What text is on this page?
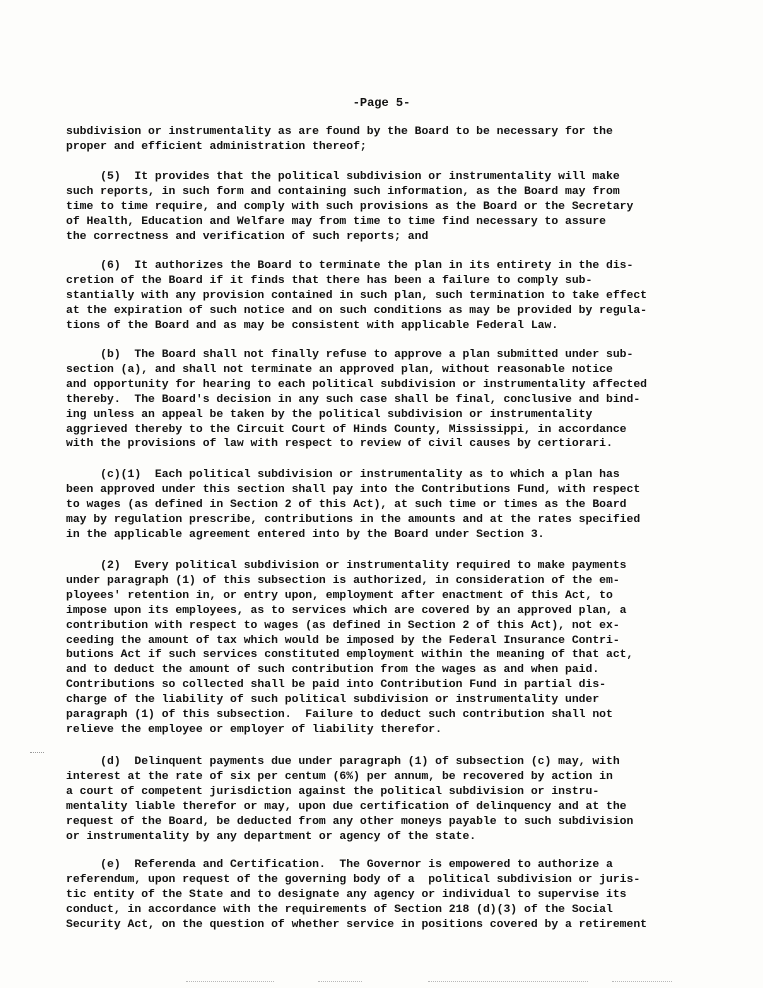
-Page 5-
subdivision or instrumentality as are found by the Board to be necessary for the
proper and efficient administration thereof;
(5)  It provides that the political subdivision or instrumentality will make
such reports, in such form and containing such information, as the Board may from
time to time require, and comply with such provisions as the Board or the Secretary
of Health, Education and Welfare may from time to time find necessary to assure
the correctness and verification of such reports; and
(6)  It authorizes the Board to terminate the plan in its entirety in the dis-
cretion of the Board if it finds that there has been a failure to comply sub-
stantially with any provision contained in such plan, such termination to take effect
at the expiration of such notice and on such conditions as may be provided by regula-
tions of the Board and as may be consistent with applicable Federal Law.
(b)  The Board shall not finally refuse to approve a plan submitted under sub-
section (a), and shall not terminate an approved plan, without reasonable notice
and opportunity for hearing to each political subdivision or instrumentality affected
thereby.  The Board's decision in any such case shall be final, conclusive and bind-
ing unless an appeal be taken by the political subdivision or instrumentality
aggrieved thereby to the Circuit Court of Hinds County, Mississippi, in accordance
with the provisions of law with respect to review of civil causes by certiorari.
(c)(1)  Each political subdivision or instrumentality as to which a plan has
been approved under this section shall pay into the Contributions Fund, with respect
to wages (as defined in Section 2 of this Act), at such time or times as the Board
may by regulation prescribe, contributions in the amounts and at the rates specified
in the applicable agreement entered into by the Board under Section 3.
(2)  Every political subdivision or instrumentality required to make payments
under paragraph (1) of this subsection is authorized, in consideration of the em-
ployees' retention in, or entry upon, employment after enactment of this Act, to
impose upon its employees, as to services which are covered by an approved plan, a
contribution with respect to wages (as defined in Section 2 of this Act), not ex-
ceeding the amount of tax which would be imposed by the Federal Insurance Contri-
butions Act if such services constituted employment within the meaning of that act,
and to deduct the amount of such contribution from the wages as and when paid.
Contributions so collected shall be paid into Contribution Fund in partial dis-
charge of the liability of such political subdivision or instrumentality under
paragraph (1) of this subsection.  Failure to deduct such contribution shall not
relieve the employee or employer of liability therefor.
(d)  Delinquent payments due under paragraph (1) of subsection (c) may, with
interest at the rate of six per centum (6%) per annum, be recovered by action in
a court of competent jurisdiction against the political subdivision or instru-
mentality liable therefor or may, upon due certification of delinquency and at the
request of the Board, be deducted from any other moneys payable to such subdivision
or instrumentality by any department or agency of the state.
(e)  Referenda and Certification.  The Governor is empowered to authorize a
referendum, upon request of the governing body of a  political subdivision or juris-
tic entity of the State and to designate any agency or individual to supervise its
conduct, in accordance with the requirements of Section 218 (d)(3) of the Social
Security Act, on the question of whether service in positions covered by a retirement
